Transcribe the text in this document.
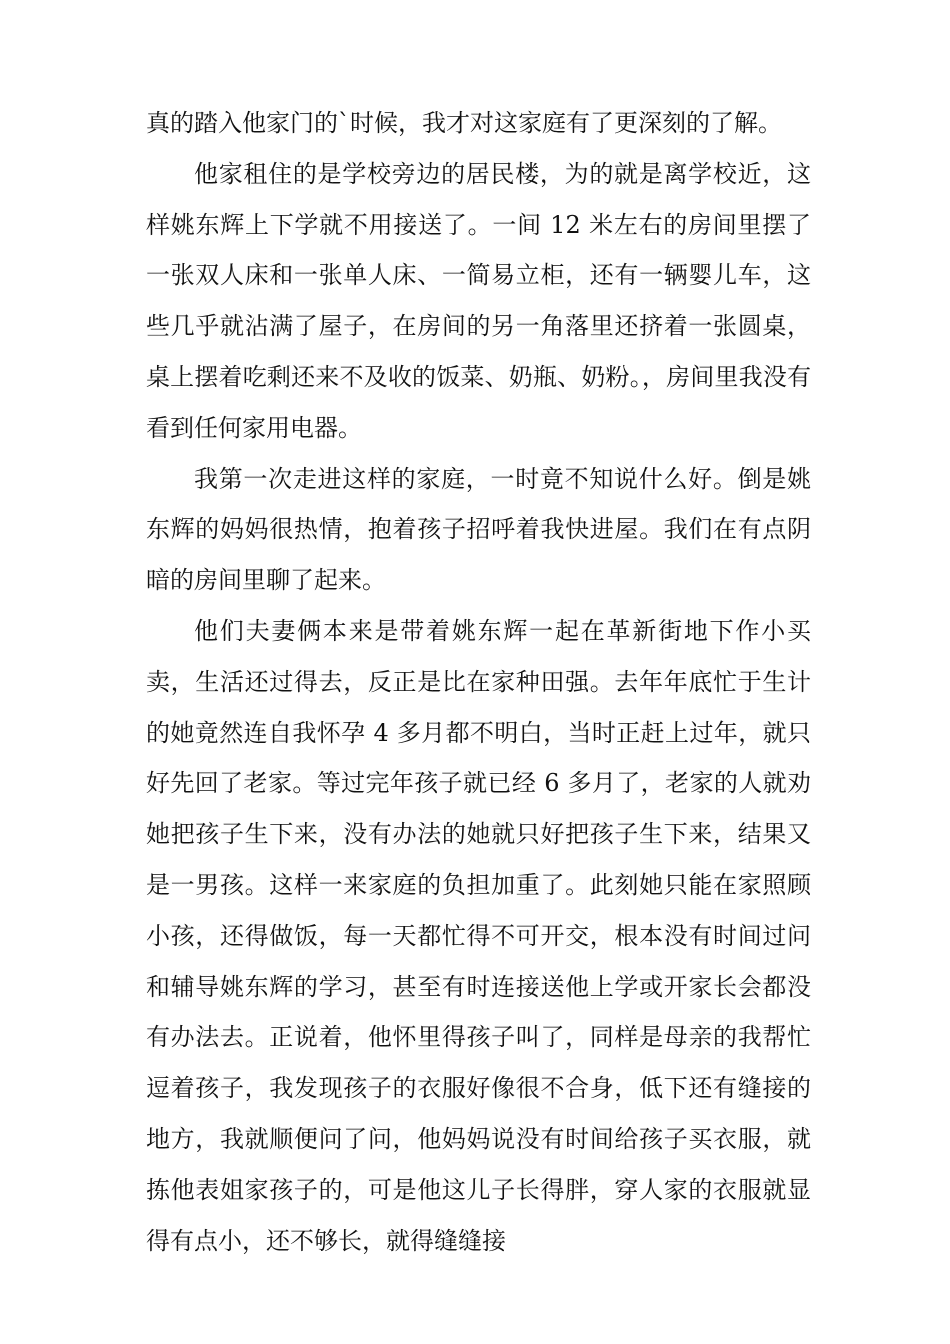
真的踏入他家门的`时候，我才对这家庭有了更深刻的了解。

他家租住的是学校旁边的居民楼，为的就是离学校近，这样姚东辉上下学就不用接送了。一间 12 米左右的房间里摆了一张双人床和一张单人床、一简易立柜，还有一辆婴儿车，这些几乎就沾满了屋子，在房间的另一角落里还挤着一张圆桌，桌上摆着吃剩还来不及收的饭菜、奶瓶、奶粉。，房间里我没有看到任何家用电器。

我第一次走进这样的家庭，一时竟不知说什么好。倒是姚东辉的妈妈很热情，抱着孩子招呼着我快进屋。我们在有点阴暗的房间里聊了起来。

他们夫妻俩本来是带着姚东辉一起在革新街地下作小买卖，生活还过得去，反正是比在家种田强。去年年底忙于生计的她竟然连自我怀孕 4 多月都不明白，当时正赶上过年，就只好先回了老家。等过完年孩子就已经 6 多月了，老家的人就劝她把孩子生下来，没有办法的她就只好把孩子生下来，结果又是一男孩。这样一来家庭的负担加重了。此刻她只能在家照顾小孩，还得做饭，每一天都忙得不可开交，根本没有时间过问和辅导姚东辉的学习，甚至有时连接送他上学或开家长会都没有办法去。正说着，他怀里得孩子叫了，同样是母亲的我帮忙逗着孩子，我发现孩子的衣服好像很不合身，低下还有缝接的地方，我就顺便问了问，他妈妈说没有时间给孩子买衣服，就拣他表姐家孩子的，可是他这儿子长得胖，穿人家的衣服就显得有点小，还不够长，就得缝缝接
